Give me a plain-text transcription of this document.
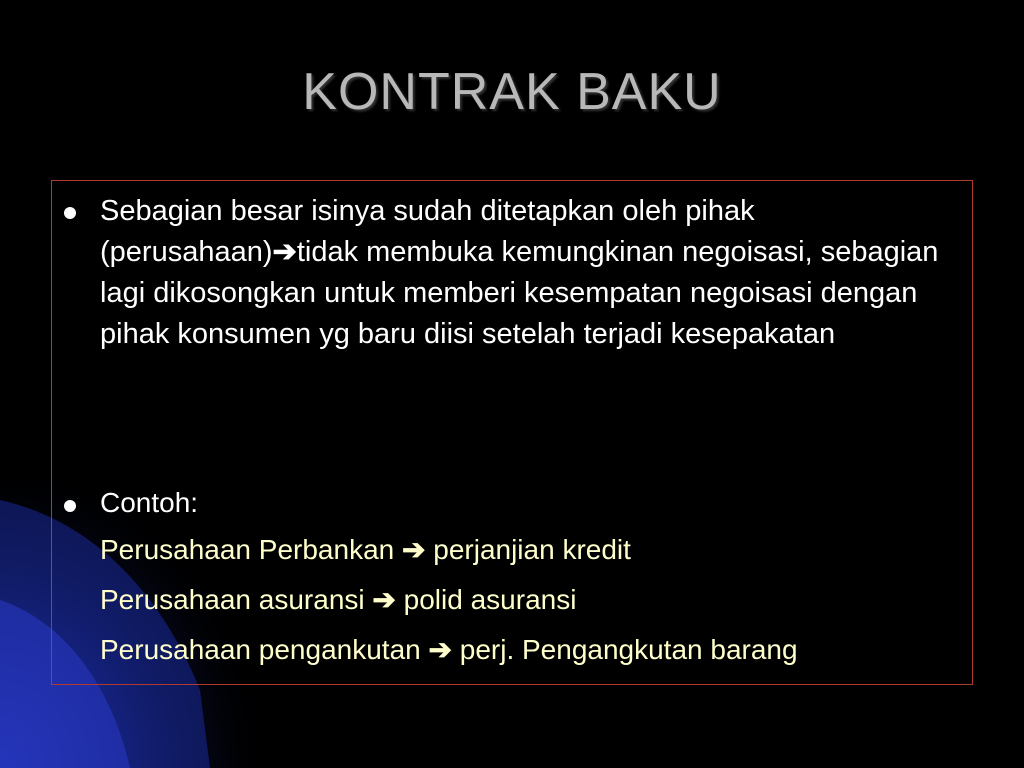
KONTRAK BAKU
Sebagian besar isinya sudah ditetapkan oleh pihak (perusahaan)➔tidak membuka kemungkinan negoisasi, sebagian lagi dikosongkan untuk memberi kesempatan negoisasi dengan pihak konsumen yg baru diisi setelah terjadi kesepakatan
Contoh:
Perusahaan Perbankan ➔ perjanjian kredit
Perusahaan asuransi ➔ polid asuransi
Perusahaan pengankutan ➔ perj. Pengangkutan barang
